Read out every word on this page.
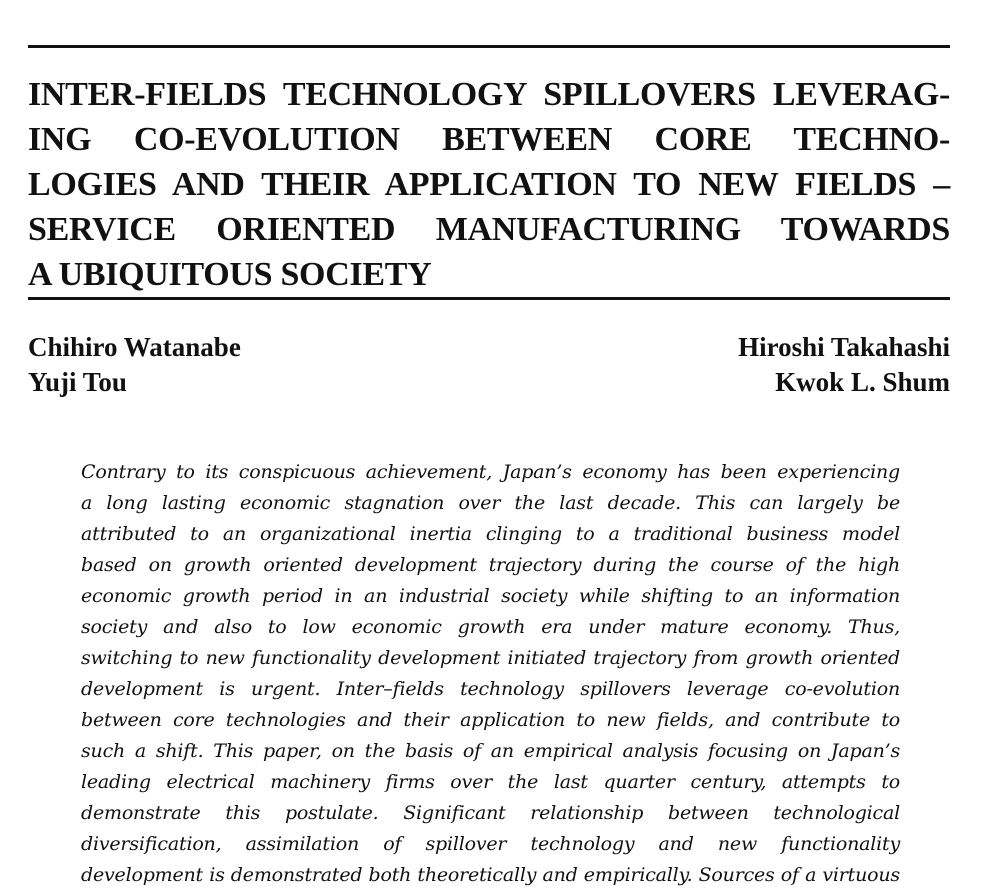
INTER-FIELDS TECHNOLOGY SPILLOVERS LEVERAG-
ING CO-EVOLUTION BETWEEN CORE TECHNO-
LOGIES AND THEIR APPLICATION TO NEW FIELDS –
SERVICE ORIENTED MANUFACTURING TOWARDS
A UBIQUITOUS SOCIETY
Chihiro Watanabe
Yuji Tou
Hiroshi Takahashi
Kwok L. Shum
Contrary to its conspicuous achievement, Japan’s economy has been experiencing
a long lasting economic stagnation over the last decade. This can largely be
attributed to an organizational inertia clinging to a traditional business model
based on growth oriented development trajectory during the course of the high
economic growth period in an industrial society while shifting to an information
society and also to low economic growth era under mature economy. Thus,
switching to new functionality development initiated trajectory from growth oriented
development is urgent. Inter–fields technology spillovers leverage co-evolution
between core technologies and their application to new fields, and contribute to
such a shift. This paper, on the basis of an empirical analysis focusing on Japan’s
leading electrical machinery firms over the last quarter century, attempts to
demonstrate this postulate. Significant relationship between technological
diversification, assimilation of spillover technology and new functionality
development is demonstrated both theoretically and empirically. Sources of a virtuous
